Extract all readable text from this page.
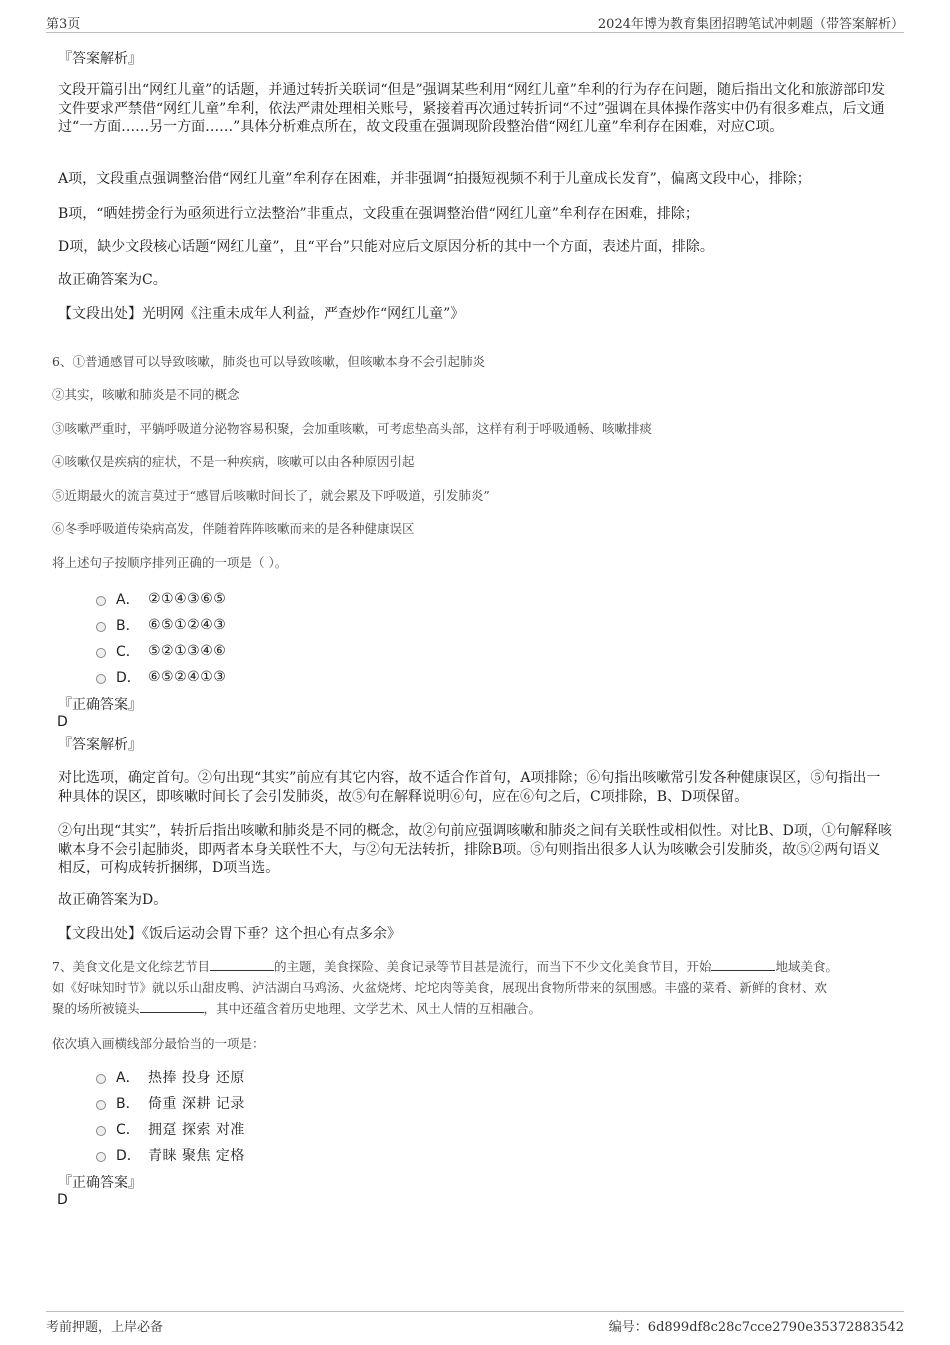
第3页	2024年博为教育集团招聘笔试冲刺题（带答案解析）
『答案解析』
文段开篇引出“网红儿童”的话题，并通过转折关联词“但是”强调某些利用“网红儿童”牟利的行为存在问题，随后指出文化和旅游部印发文件要求严禁借“网红儿童”牟利，依法严肃处理相关账号，紧接着再次通过转折词“不过”强调在具体操作落实中仍有很多难点，后文通过“一方面……另一方面……”具体分析难点所在，故文段重在强调现阶段整治借“网红儿童”牟利存在困难，对应C项。
A项，文段重点强调整治借“网红儿童”牟利存在困难，并非强调“拍摄短视频不利于儿童成长发育”，偏离文段中心，排除；
B项，“晒娃捞金行为亟须进行立法整治”非重点，文段重在强调整治借“网红儿童”牟利存在困难，排除；
D项，缺少文段核心话题“网红儿童”，且“平台”只能对应后文原因分析的其中一个方面，表述片面，排除。
故正确答案为C。
【文段出处】光明网《注重未成年人利益，严查炒作“网红儿童”》
6、①普通感冒可以导致咳嗽，肺炎也可以导致咳嗽，但咳嗽本身不会引起肺炎
②其实，咳嗽和肺炎是不同的概念
③咳嗽严重时，平躺呼吸道分泌物容易积聚，会加重咳嗽，可考虑垫高头部，这样有利于呼吸通畅、咳嗽排痰
④咳嗽仅是疾病的症状，不是一种疾病，咳嗽可以由各种原因引起
⑤近期最火的流言莫过于“感冒后咳嗽时间长了，就会累及下呼吸道，引发肺炎”
⑥冬季呼吸道传染病高发，伴随着阵阵咳嗽而来的是各种健康误区
将上述句子按顺序排列正确的一项是（ ）。
A． ②①④③⑥⑤
B． ⑥⑤①②④③
C． ⑤②①③④⑥
D． ⑥⑤②④①③
『正确答案』
D
『答案解析』
对比选项，确定首句。②句出现“其实”前应有其它内容，故不适合作首句，A项排除；⑥句指出咳嗽常引发各种健康误区，⑤句指出一种具体的误区，即咳嗽时间长了会引发肺炎，故⑤句在解释说明⑥句，应在⑥句之后，C项排除，B、D项保留。
②句出现“其实”，转折后指出咳嗽和肺炎是不同的概念，故②句前应强调咳嗽和肺炎之间有关联性或相似性。对比B、D项，①句解释咳嗽本身不会引起肺炎，即两者本身关联性不大，与②句无法转折，排除B项。⑤句则指出很多人认为咳嗽会引发肺炎，故⑤②两句语义相反，可构成转折捆绑，D项当选。
故正确答案为D。
【文段出处】《饭后运动会胃下垂？这个担心有点多余》
7、美食文化是文化综艺节目	的主题，美食探险、美食记录等节目甚是流行，而当下不少文化美食节目，开始	地域美食。
如《好味知时节》就以乐山甜皮鸭、泸沽湖白马鸡汤、火盆烧烤、坨坨肉等美食，展现出食物所带来的氛围感。丰盛的菜肴、新鲜的食材、欢
聚的场所被镜头	，其中还蕴含着历史地理、文学艺术、风土人情的互相融合。
依次填入画横线部分最恰当的一项是：
A． 热捧 投身 还原
B． 倚重 深耕 记录
C． 拥趸 探索 对准
D． 青睐 聚焦 定格
『正确答案』
D
考前押题，上岸必备	编号：6d899df8c28c7cce2790e35372883542
